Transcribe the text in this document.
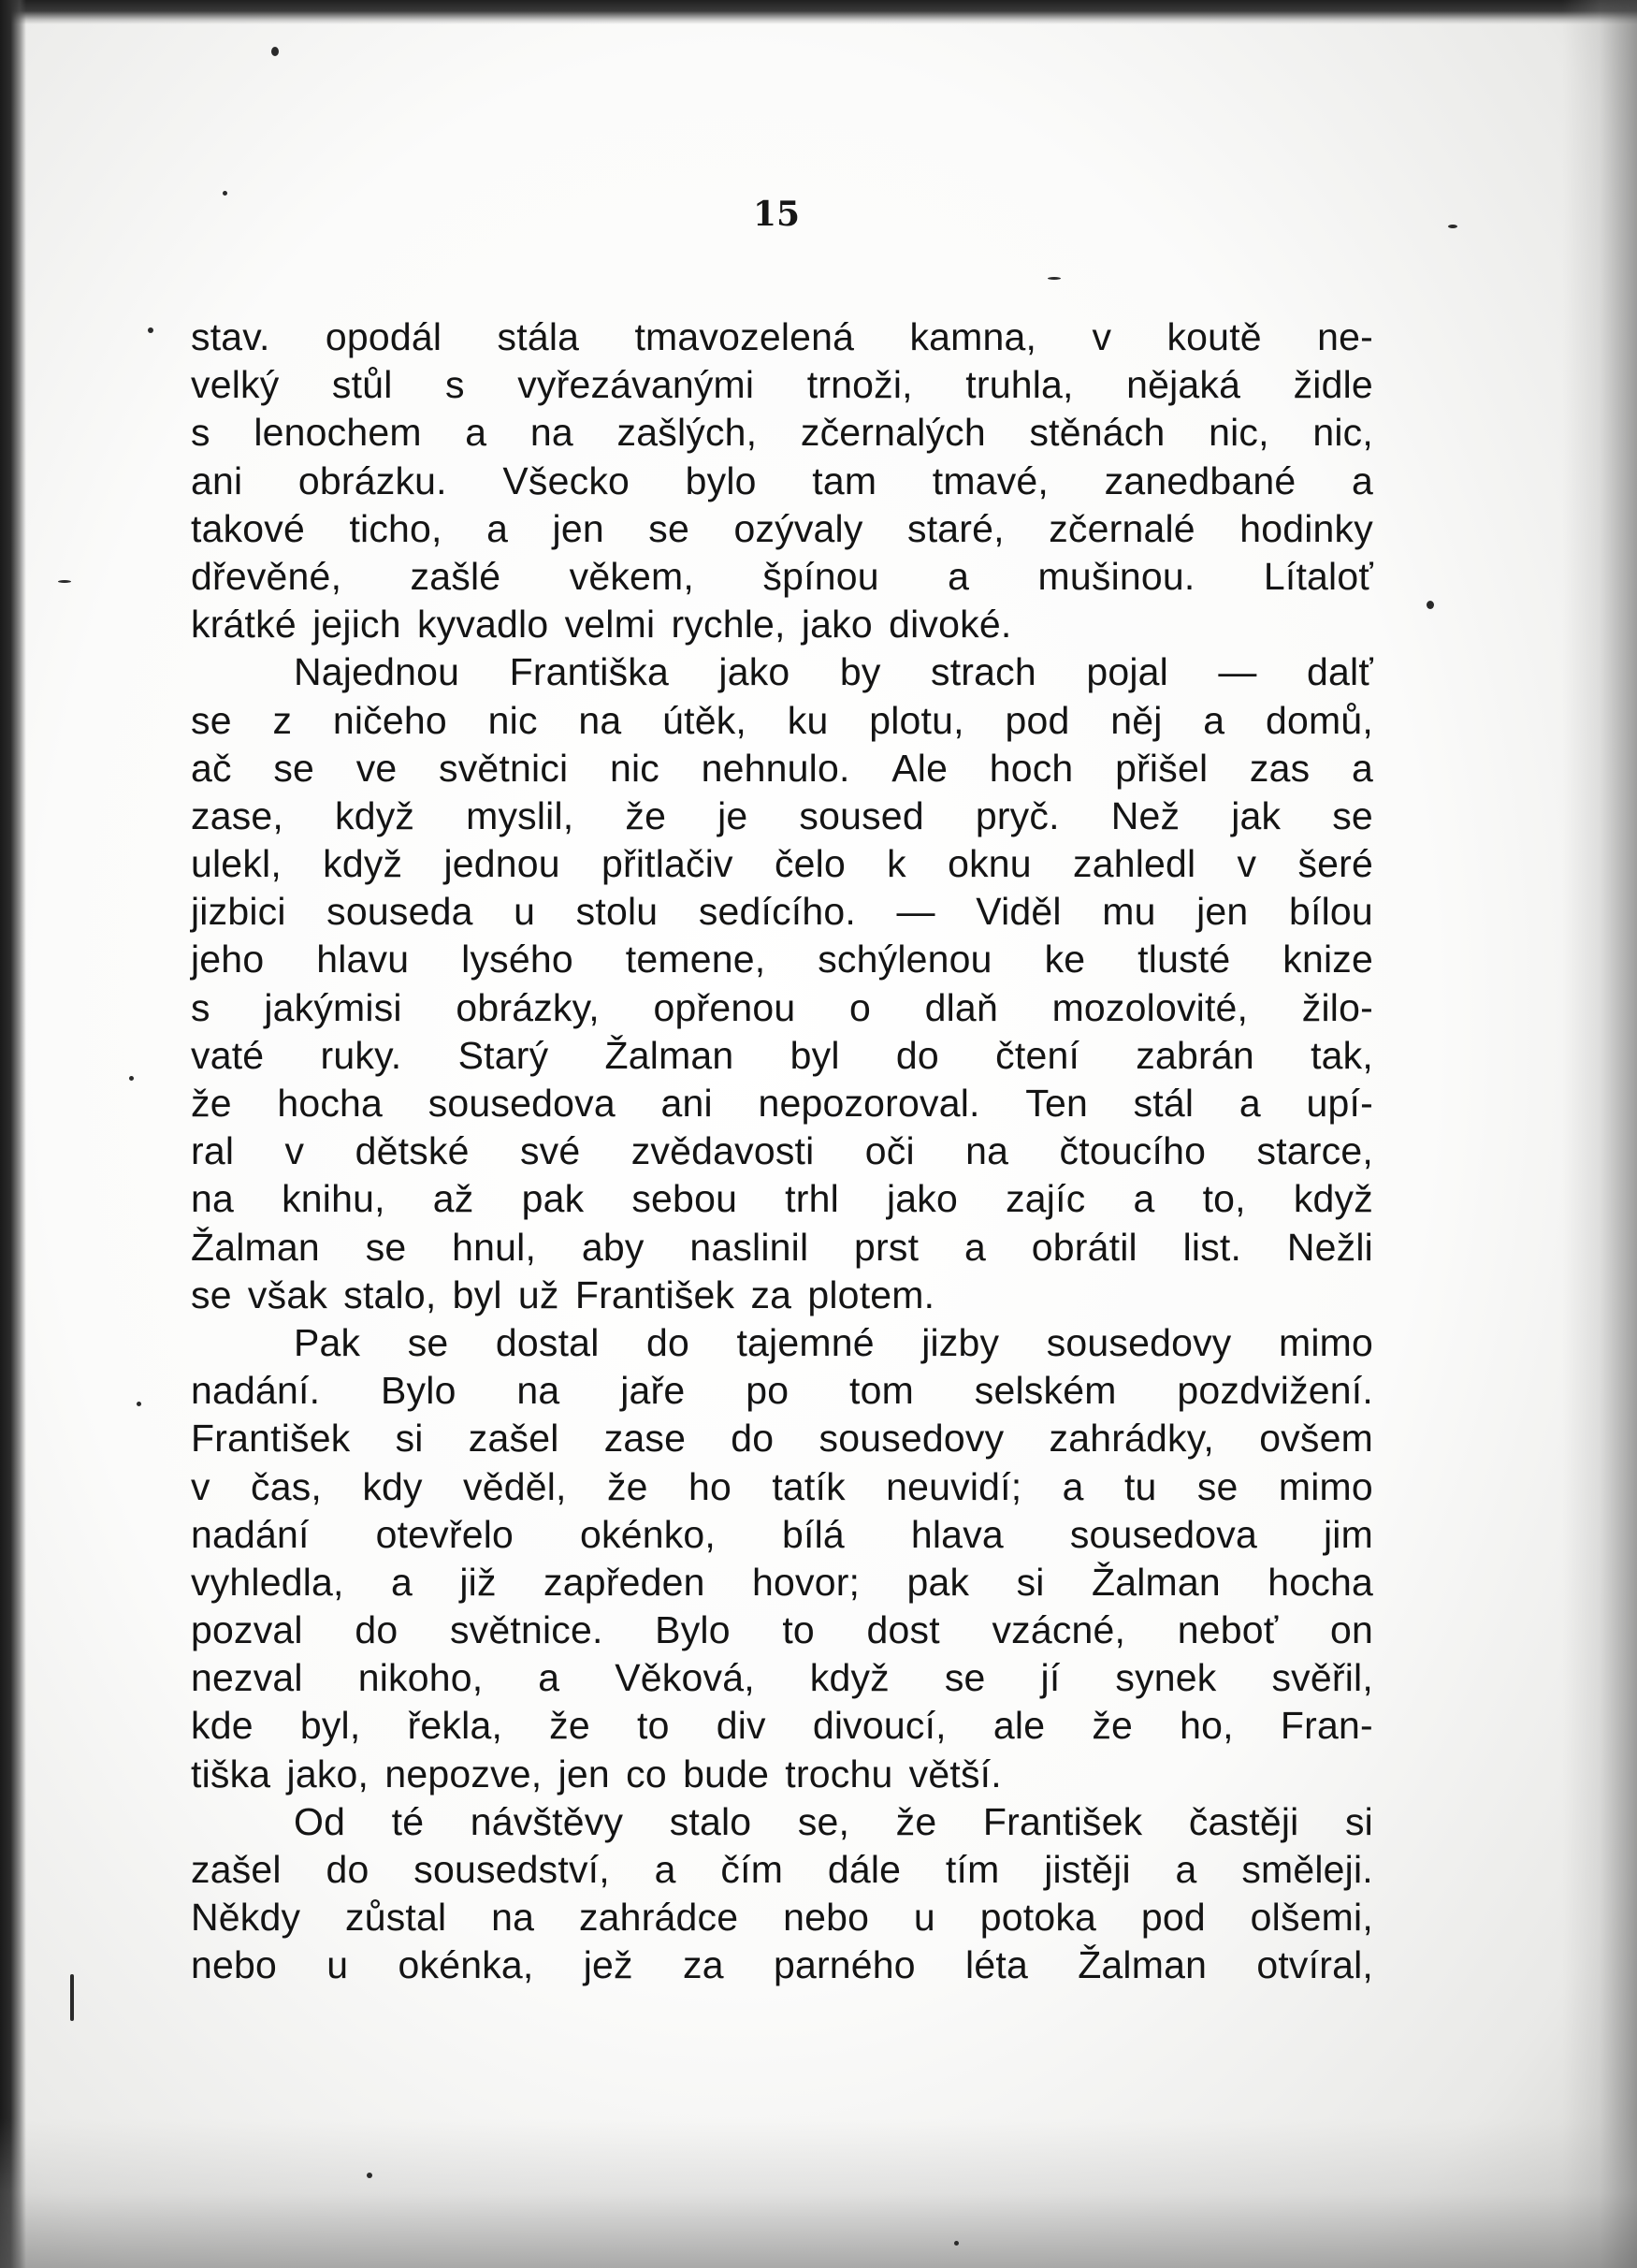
15
stav. opodál stála tmavozelená kamna, v koutě ne-
velký stůl s vyřezávanými trnoži, truhla, nějaká židle
s lenochem a na zašlých, zčernalých stěnách nic, nic,
ani obrázku. Všecko bylo tam tmavé, zanedbané a
takové ticho, a jen se ozývaly staré, zčernalé hodinky
dřevěné, zašlé věkem, špínou a mušinou. Lítaloť
krátké jejich kyvadlo velmi rychle, jako divoké.
Najednou Františka jako by strach pojal — dalť
se z ničeho nic na útěk, ku plotu, pod něj a domů,
ač se ve světnici nic nehnulo. Ale hoch přišel zas a
zase, když myslil, že je soused pryč. Než jak se
ulekl, když jednou přitlačiv čelo k oknu zahledl v šeré
jizbici souseda u stolu sedícího. — Viděl mu jen bílou
jeho hlavu lysého temene, schýlenou ke tlusté knize
s jakýmisi obrázky, opřenou o dlaň mozolovité, žilo-
vaté ruky. Starý Žalman byl do čtení zabrán tak,
že hocha sousedova ani nepozoroval. Ten stál a upí-
ral v dětské své zvědavosti oči na čtoucího starce,
na knihu, až pak sebou trhl jako zajíc a to, když
Žalman se hnul, aby naslinil prst a obrátil list. Nežli
se však stalo, byl už František za plotem.
Pak se dostal do tajemné jizby sousedovy mimo
nadání. Bylo na jaře po tom selském pozdvižení.
František si zašel zase do sousedovy zahrádky, ovšem
v čas, kdy věděl, že ho tatík neuvidí; a tu se mimo
nadání otevřelo okénko, bílá hlava sousedova jim
vyhledla, a již zapředen hovor; pak si Žalman hocha
pozval do světnice. Bylo to dost vzácné, neboť on
nezval nikoho, a Věková, když se jí synek svěřil,
kde byl, řekla, že to div divoucí, ale že ho, Fran-
tiška jako, nepozve, jen co bude trochu větší.
Od té návštěvy stalo se, že František častěji si
zašel do sousedství, a čím dále tím jistěji a směleji.
Někdy zůstal na zahrádce nebo u potoka pod olšemi,
nebo u okénka, jež za parného léta Žalman otvíral,
